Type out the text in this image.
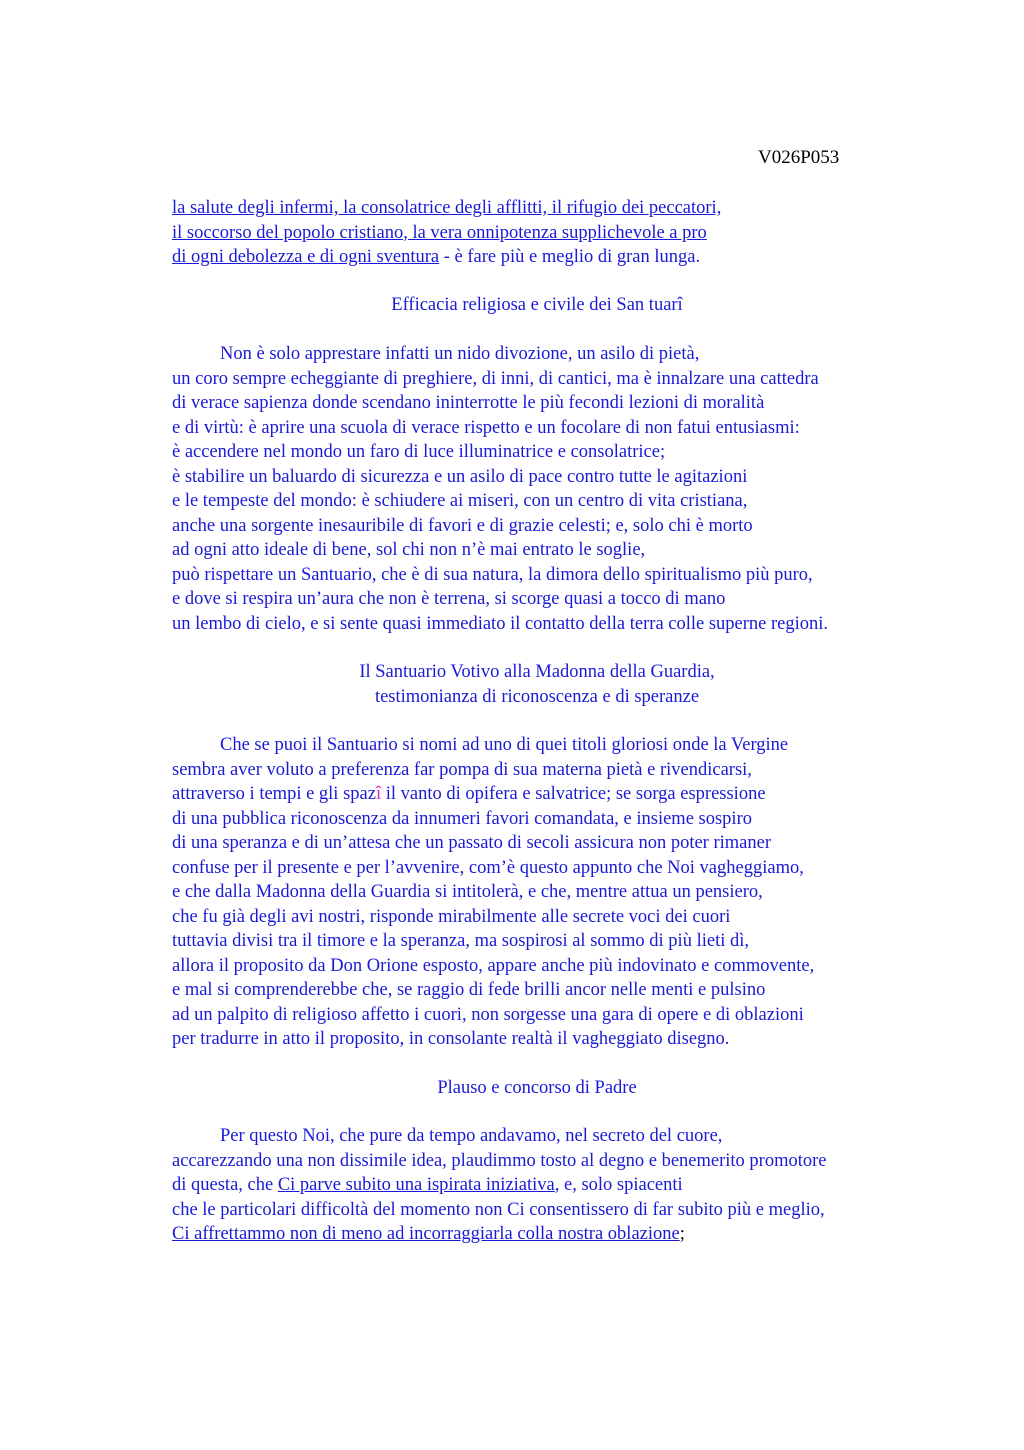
V026P053
la salute degli infermi, la consolatrice degli afflitti, il rifugio dei peccatori,
il soccorso del popolo cristiano, la vera onnipotenza supplichevole a pro
di ogni debolezza e di ogni sventura - è fare più e meglio di gran lunga.
Efficacia religiosa e civile dei San tuarî
Non è solo apprestare infatti un nido divozione, un asilo di pietà,
un coro sempre echeggiante di preghiere, di inni, di cantici, ma è innalzare una cattedra
di verace sapienza donde scendano ininterrotte le più fecondi lezioni di moralità
e di virtù: è aprire una scuola di verace rispetto e un focolare di non fatui entusiasmi:
è accendere nel mondo un faro di luce illuminatrice e consolatrice;
è stabilire un baluardo di sicurezza e un asilo di pace contro tutte le agitazioni
e le tempeste del mondo: è schiudere ai miseri, con un centro di vita cristiana,
anche una sorgente inesauribile di favori e di grazie celesti; e, solo chi è morto
ad ogni atto ideale di bene, sol chi non n’è mai entrato le soglie,
può rispettare un Santuario, che è di sua natura, la dimora dello spiritualismo più puro,
e dove si respira un’aura che non è terrena, si scorge quasi a tocco di mano
un lembo di cielo, e si sente quasi immediato il contatto della terra colle superne regioni.
Il Santuario Votivo alla Madonna della Guardia,
testimonianza di riconoscenza e di speranze
Che se puoi il Santuario si nomi ad uno di quei titoli gloriosi onde la Vergine
sembra aver voluto a preferenza far pompa di sua materna pietà e rivendicarsi,
attraverso i tempi e gli spazî il vanto di opifera e salvatrice; se sorga espressione
di una pubblica riconoscenza da innumeri favori comandata, e insieme sospiro
di una speranza e di un’attesa che un passato di secoli assicura non poter rimaner
confuse per il presente e per l’avvenire, com’è questo appunto che Noi vagheggiamo,
e che dalla Madonna della Guardia si intitolerà, e che, mentre attua un pensiero,
che fu già degli avi nostri, risponde mirabilmente alle secrete voci dei cuori
tuttavia divisi tra il timore e la speranza, ma sospirosi al sommo di più lieti dì,
allora il proposito da Don Orione esposto, appare anche più indovinato e commovente,
e mal si comprenderebbe che, se raggio di fede brilli ancor nelle menti e pulsino
ad un palpito di religioso affetto i cuori, non sorgesse una gara di opere e di oblazioni
per tradurre in atto il proposito, in consolante realtà il vagheggiato disegno.
Plauso e concorso di Padre
Per questo Noi, che pure da tempo andavamo, nel secreto del cuore,
accarezzando una non dissimile idea, plaudimmo tosto al degno e benemerito promotore
di questa, che Ci parve subito una ispirata iniziativa, e, solo spiacenti
che le particolari difficoltà del momento non Ci consentissero di far subito più e meglio,
Ci affrettammo non di meno ad incorraggiarla colla nostra oblazione;
